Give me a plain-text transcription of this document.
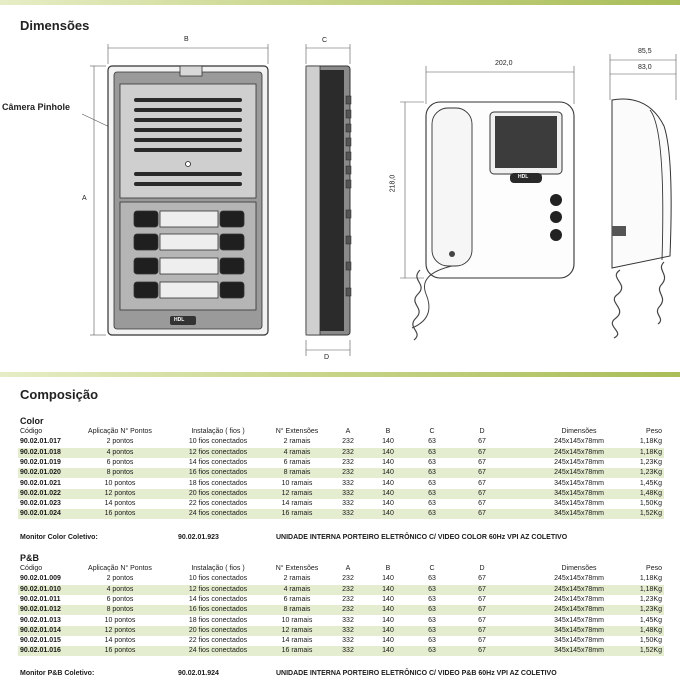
Dimensões
B
A
C
D
Câmera Pinhole
HDL
HDL
202,0
218,0
85,5
83,0
Composição
Color
Código	Aplicação N° Pontos	Instalação ( fios )	N° Extensões	A	B	C	D	Dimensões	Peso
90.02.01.017	2 pontos	10 fios conectados	2 ramais	232	140	63	67	245x145x78mm	1,18Kg
90.02.01.018	4 pontos	12 fios conectados	4 ramais	232	140	63	67	245x145x78mm	1,18Kg
90.02.01.019	6 pontos	14 fios conectados	6 ramais	232	140	63	67	245x145x78mm	1,23Kg
90.02.01.020	8 pontos	16 fios conectados	8 ramais	232	140	63	67	245x145x78mm	1,23Kg
90.02.01.021	10 pontos	18 fios conectados	10 ramais	332	140	63	67	345x145x78mm	1,45Kg
90.02.01.022	12 pontos	20 fios conectados	12 ramais	332	140	63	67	345x145x78mm	1,48Kg
90.02.01.023	14 pontos	22 fios conectados	14 ramais	332	140	63	67	345x145x78mm	1,50Kg
90.02.01.024	16 pontos	24 fios conectados	16 ramais	332	140	63	67	345x145x78mm	1,52Kg
Monitor Color Coletivo:	90.02.01.923	UNIDADE INTERNA PORTEIRO ELETRÔNICO C/ VIDEO COLOR 60Hz VPI AZ COLETIVO
P&B
Código	Aplicação N° Pontos	Instalação ( fios )	N° Extensões	A	B	C	D	Dimensões	Peso
90.02.01.009	2 pontos	10 fios conectados	2 ramais	232	140	63	67	245x145x78mm	1,18Kg
90.02.01.010	4 pontos	12 fios conectados	4 ramais	232	140	63	67	245x145x78mm	1,18Kg
90.02.01.011	6 pontos	14 fios conectados	6 ramais	232	140	63	67	245x145x78mm	1,23Kg
90.02.01.012	8 pontos	16 fios conectados	8 ramais	232	140	63	67	245x145x78mm	1,23Kg
90.02.01.013	10 pontos	18 fios conectados	10 ramais	332	140	63	67	345x145x78mm	1,45Kg
90.02.01.014	12 pontos	20 fios conectados	12 ramais	332	140	63	67	345x145x78mm	1,48Kg
90.02.01.015	14 pontos	22 fios conectados	14 ramais	332	140	63	67	345x145x78mm	1,50Kg
90.02.01.016	16 pontos	24 fios conectados	16 ramais	332	140	63	67	345x145x78mm	1,52Kg
Monitor P&B Coletivo:	90.02.01.924	UNIDADE INTERNA PORTEIRO ELETRÔNICO C/ VIDEO P&B 60Hz VPI AZ COLETIVO
